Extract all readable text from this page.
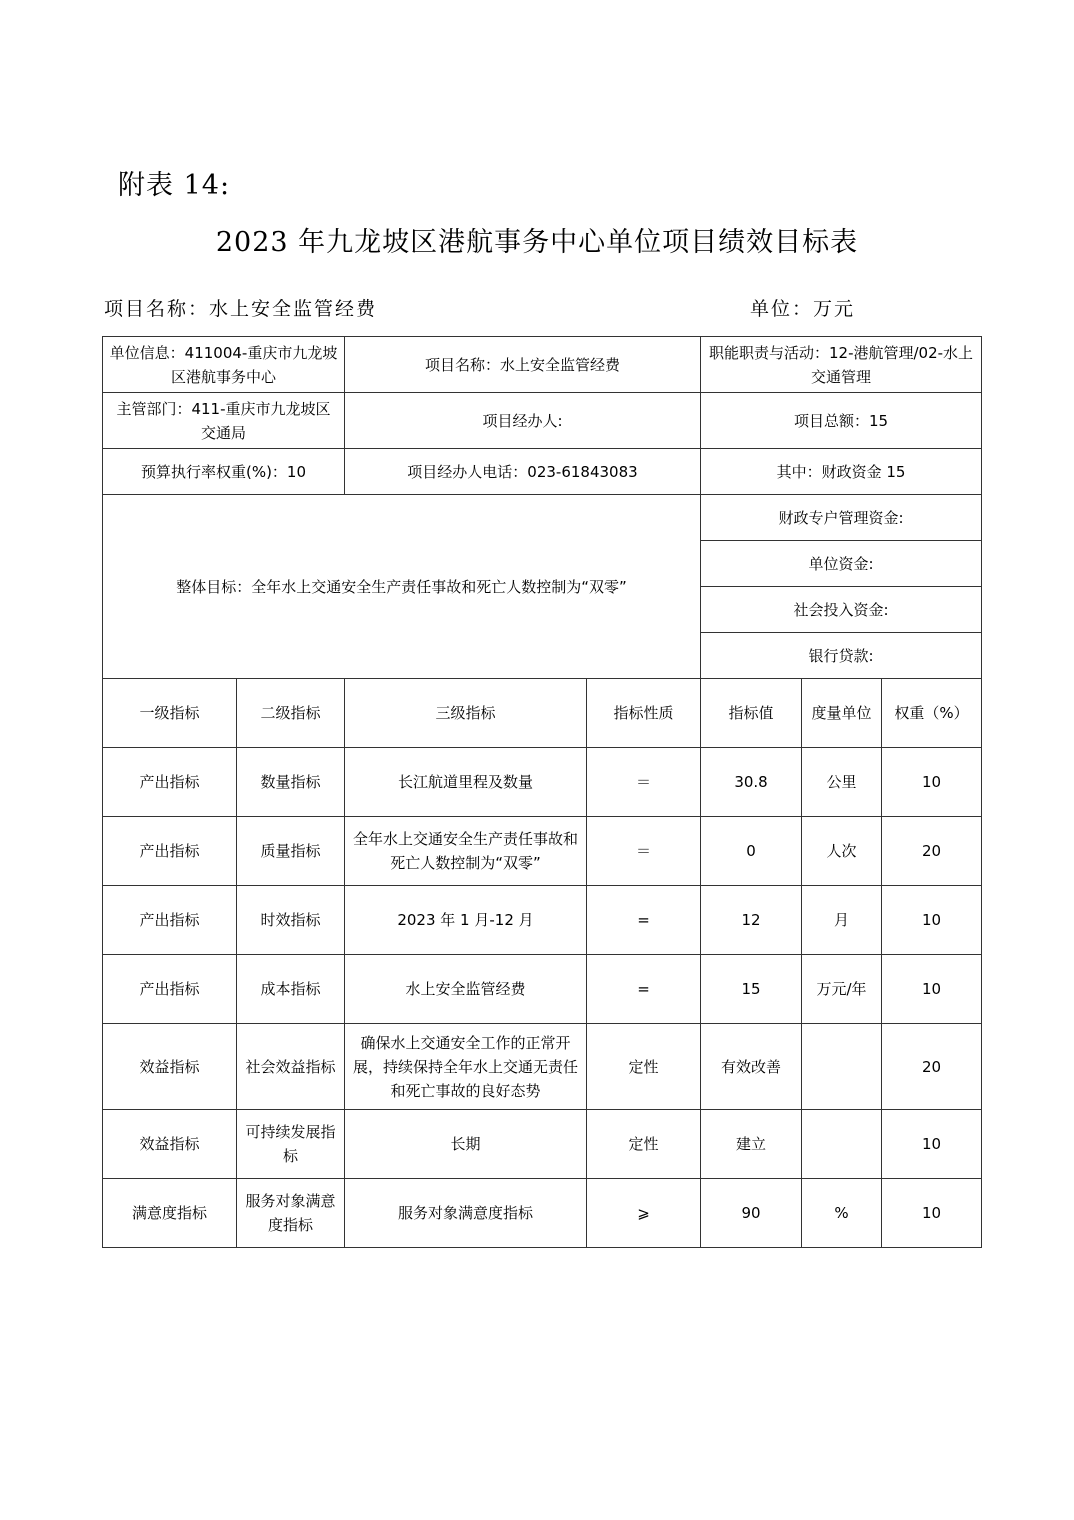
附表 14:
2023 年九龙坡区港航事务中心单位项目绩效目标表
项目名称：水上安全监管经费	单位：万元
单位信息：411004-重庆市九龙坡区港航事务中心		项目名称：水上安全监管经费		职能职责与活动：12-港航管理/02-水上交通管理		
主管部门：411-重庆市九龙坡区交通局		项目经办人:		项目总额：15		
预算执行率权重(%)：10		项目经办人电话：023-61843083		其中：财政资金 15		
整体目标：全年水上交通安全生产责任事故和死亡人数控制为“双零”				财政专户管理资金:		
				单位资金:		
				社会投入资金:		
				银行贷款:		
一级指标	二级指标	三级指标	指标性质	指标值	度量单位	权重（%）
产出指标	数量指标	长江航道里程及数量	＝	30.8	公里	10
产出指标	质量指标	全年水上交通安全生产责任事故和死亡人数控制为“双零”	＝	0	人次	20
产出指标	时效指标	2023 年 1 月-12 月	=	12	月	10
产出指标	成本指标	水上安全监管经费	=	15	万元/年	10
效益指标	社会效益指标	确保水上交通安全工作的正常开展，持续保持全年水上交通无责任和死亡事故的良好态势	定性	有效改善		20
效益指标	可持续发展指标	长期	定性	建立		10
满意度指标	服务对象满意度指标	服务对象满意度指标	⩾	90	%	10
